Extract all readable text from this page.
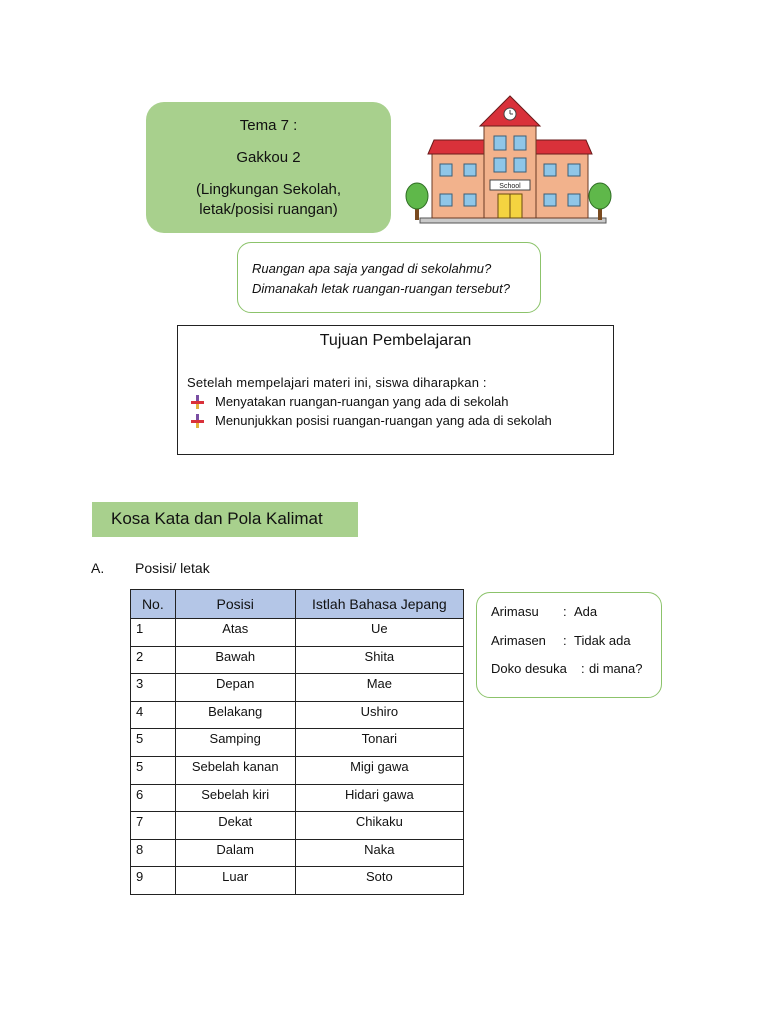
Tema 7 :
Gakkou 2
(Lingkungan Sekolah,
letak/posisi ruangan)
School
Ruangan apa saja yangad di sekolahmu?
Dimanakah letak ruangan-ruangan tersebut?
Tujuan Pembelajaran
Setelah mempelajari materi ini, siswa diharapkan :
Menyatakan ruangan-ruangan yang ada di sekolah
Menunjukkan posisi ruangan-ruangan yang ada di sekolah
Kosa Kata dan Pola Kalimat
A. Posisi/ letak
No.	Posisi	Istlah Bahasa Jepang
1	Atas	Ue
2	Bawah	Shita
3	Depan	Mae
4	Belakang	Ushiro
5	Samping	Tonari
5	Sebelah kanan	Migi gawa
6	Sebelah kiri	Hidari gawa
7	Dekat	Chikaku
8	Dalam	Naka
9	Luar	Soto
Arimasu	: Ada
Arimasen	: Tidak ada
Doko desuka	: di mana?
